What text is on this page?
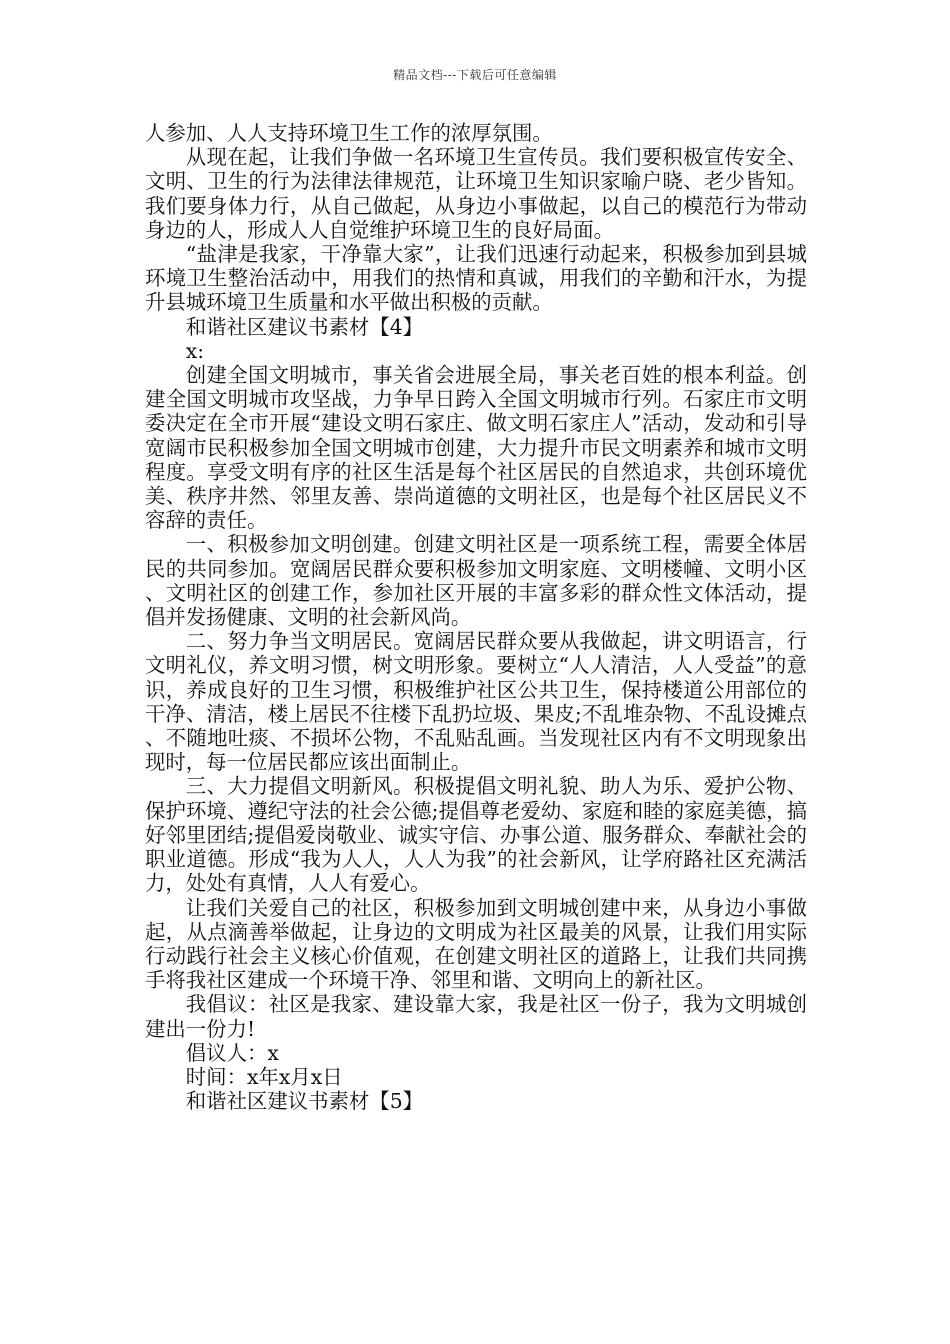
精品文档---下载后可任意编辑

人参加、人人支持环境卫生工作的浓厚氛围。

从现在起，让我们争做一名环境卫生宣传员。我们要积极宣传安全、文明、卫生的行为法律法律规范，让环境卫生知识家喻户晓、老少皆知。我们要身体力行，从自己做起，从身边小事做起，以自己的模范行为带动身边的人，形成人人自觉维护环境卫生的良好局面。

“盐津是我家，干净靠大家”，让我们迅速行动起来，积极参加到县城环境卫生整治活动中，用我们的热情和真诚，用我们的辛勤和汗水，为提升县城环境卫生质量和水平做出积极的贡献。

和谐社区建议书素材【4】

x:

创建全国文明城市，事关省会进展全局，事关老百姓的根本利益。创建全国文明城市攻坚战，力争早日跨入全国文明城市行列。石家庄市文明委决定在全市开展“建设文明石家庄、做文明石家庄人”活动，发动和引导宽阔市民积极参加全国文明城市创建，大力提升市民文明素养和城市文明程度。享受文明有序的社区生活是每个社区居民的自然追求，共创环境优美、秩序井然、邻里友善、崇尚道德的文明社区，也是每个社区居民义不容辞的责任。

一、积极参加文明创建。创建文明社区是一项系统工程，需要全体居民的共同参加。宽阔居民群众要积极参加文明家庭、文明楼幢、文明小区、文明社区的创建工作，参加社区开展的丰富多彩的群众性文体活动，提倡并发扬健康、文明的社会新风尚。

二、努力争当文明居民。宽阔居民群众要从我做起，讲文明语言，行文明礼仪，养文明习惯，树文明形象。要树立“人人清洁，人人受益”的意识，养成良好的卫生习惯，积极维护社区公共卫生，保持楼道公用部位的干净、清洁，楼上居民不往楼下乱扔垃圾、果皮;不乱堆杂物、不乱设摊点、不随地吐痰、不损坏公物，不乱贴乱画。当发现社区内有不文明现象出现时，每一位居民都应该出面制止。

三、大力提倡文明新风。积极提倡文明礼貌、助人为乐、爱护公物、保护环境、遵纪守法的社会公德;提倡尊老爱幼、家庭和睦的家庭美德，搞好邻里团结;提倡爱岗敬业、诚实守信、办事公道、服务群众、奉献社会的职业道德。形成“我为人人，人人为我”的社会新风，让学府路社区充满活力，处处有真情，人人有爱心。

让我们关爱自己的社区，积极参加到文明城创建中来，从身边小事做起，从点滴善举做起，让身边的文明成为社区最美的风景，让我们用实际行动践行社会主义核心价值观，在创建文明社区的道路上，让我们共同携手将我社区建成一个环境干净、邻里和谐、文明向上的新社区。

我倡议：社区是我家、建设靠大家，我是社区一份子，我为文明城创建出一份力!

倡议人：x

时间：x年x月x日

和谐社区建议书素材【5】
